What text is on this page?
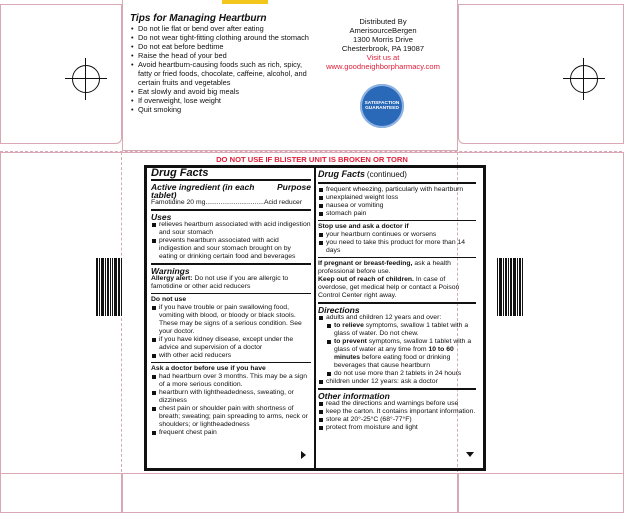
Tips for Managing Heartburn
• Do not lie flat or bend over after eating
• Do not wear tight-fitting clothing around the stomach
• Do not eat before bedtime
• Raise the head of your bed
• Avoid heartburn-causing foods such as rich, spicy, fatty or fried foods, chocolate, caffeine, alcohol, and certain fruits and vegetables
• Eat slowly and avoid big meals
• If overweight, lose weight
• Quit smoking
Distributed By
AmerisourceBergen
1300 Morris Drive
Chesterbrook, PA 19087
Visit us at
www.goodneighborpharmacy.com
SATISFACTION GUARANTEED
DO NOT USE IF BLISTER UNIT IS BROKEN OR TORN
Drug Facts
Active ingredient (in each tablet)
Purpose
Famotidine 20 mg...............................Acid reducer
Uses
relieves heartburn associated with acid indigestion and sour stomach
prevents heartburn associated with acid indigestion and sour stomach brought on by eating or drinking certain food and beverages
Warnings
Allergy alert: Do not use if you are allergic to famotidine or other acid reducers
Do not use
if you have trouble or pain swallowing food, vomiting with blood, or bloody or black stools. These may be signs of a serious condition. See your doctor.
if you have kidney disease, except under the advice and supervision of a doctor
with other acid reducers
Ask a doctor before use if you have
had heartburn over 3 months. This may be a sign of a more serious condition.
heartburn with lightheadedness, sweating, or dizziness
chest pain or shoulder pain with shortness of breath; sweating; pain spreading to arms, neck or shoulders; or lightheadedness
frequent chest pain
Drug Facts (continued)
frequent wheezing, particularly with heartburn
unexplained weight loss
nausea or vomiting
stomach pain
Stop use and ask a doctor if
your heartburn continues or worsens
you need to take this product for more than 14 days
If pregnant or breast-feeding, ask a health professional before use.
Keep out of reach of children. In case of overdose, get medical help or contact a Poison Control Center right away.
Directions
adults and children 12 years and over:
to relieve symptoms, swallow 1 tablet with a glass of water. Do not chew.
to prevent symptoms, swallow 1 tablet with a glass of water at any time from 10 to 60 minutes before eating food or drinking beverages that cause heartburn
do not use more than 2 tablets in 24 hours
children under 12 years: ask a doctor
Other information
read the directions and warnings before use
keep the carton. It contains important information.
store at 20°-25°C (68°-77°F)
protect from moisture and light
